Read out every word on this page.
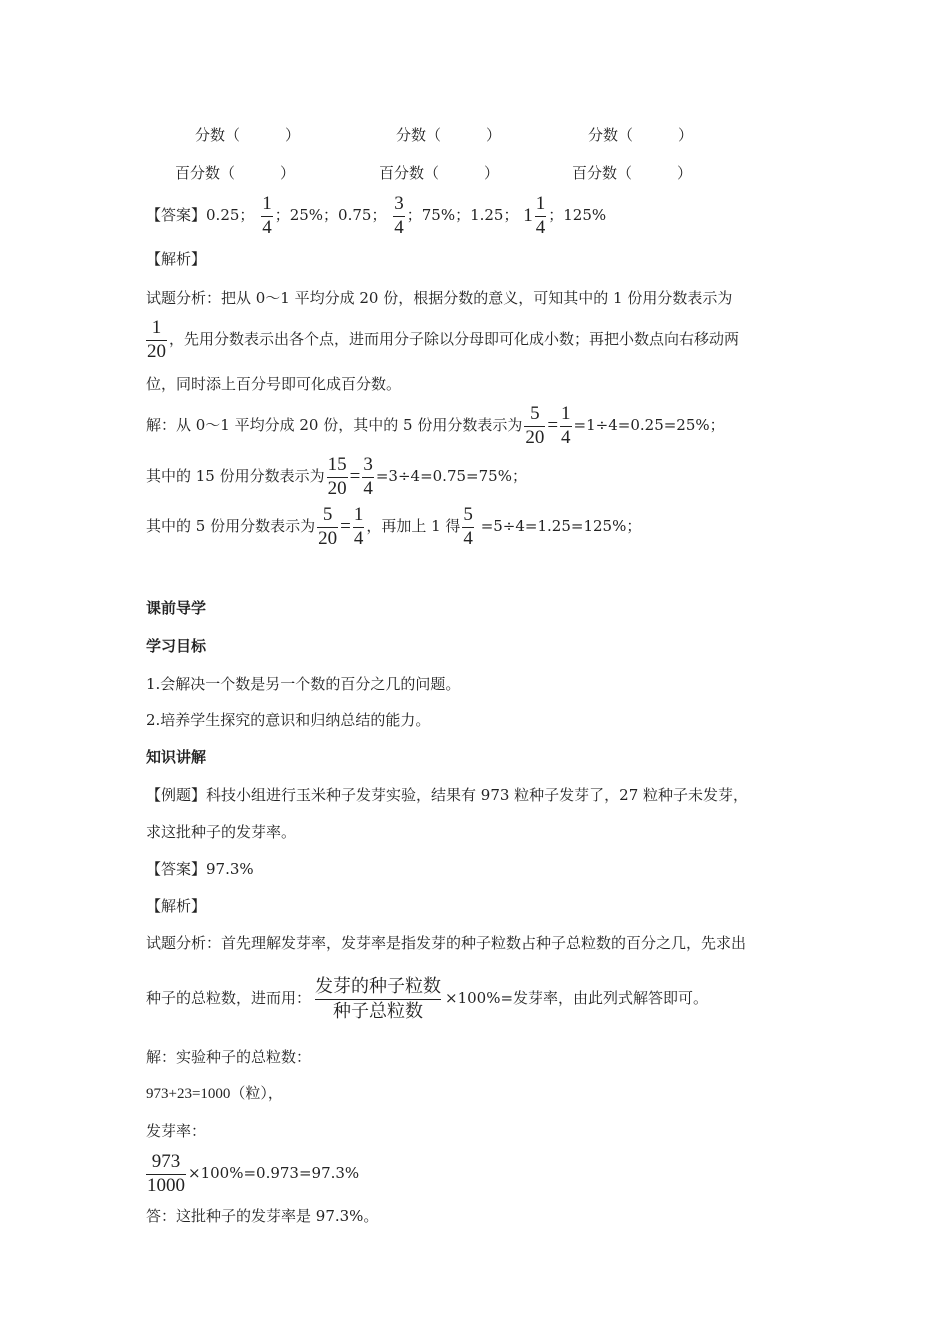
分数（　　　）	分数（　　　）	分数（　　　）
百分数（　　　）	百分数（　　　）	百分数（　　　）
【答案】0.25； $\frac{1}{4}$ ；25%；0.75； $\frac{3}{4}$ ；75%；1.25； $1 \frac{1}{4}$ ；125%
【解析】
试题分析：把从 0～1 平均分成 20 份，根据分数的意义，可知其中的 1 份用分数表示为
$\frac{1}{20}$ ，先用分数表示出各个点，进而用分子除以分母即可化成小数；再把小数点向右移动两
位，同时添上百分号即可化成百分数。
解：从 0～1 平均分成 20 份，其中的 5 份用分数表示为 $\frac{5}{20} = \frac{1}{4} =1\div 4=0.25=25\%$；
其中的 15 份用分数表示为 $\frac{15}{20} = \frac{3}{4} =3\div 4=0.75=75\%$；
其中的 5 份用分数表示为 $\frac{5}{20} = \frac{1}{4}$ ，再加上 1 得 $\frac{5}{4} =5\div 4=1.25=125\%$；
课前导学
学习目标
1.会解决一个数是另一个数的百分之几的问题。
2.培养学生探究的意识和归纳总结的能力。
知识讲解
【例题】科技小组进行玉米种子发芽实验，结果有 973 粒种子发芽了，27 粒种子未发芽，
求这批种子的发芽率。
【答案】97.3%
【解析】
试题分析：首先理解发芽率，发芽率是指发芽的种子粒数占种子总粒数的百分之几，先求出
种子的总粒数，进而用：
发芽的种子粒数
种子总粒数
×100%=发芽率，由此列式解答即可。
解：实验种子的总粒数：
973+23=1000（粒），
发芽率：
$\frac{973}{1000} \times 100\%=0.973=97.3\%$
答：这批种子的发芽率是 97.3%。
